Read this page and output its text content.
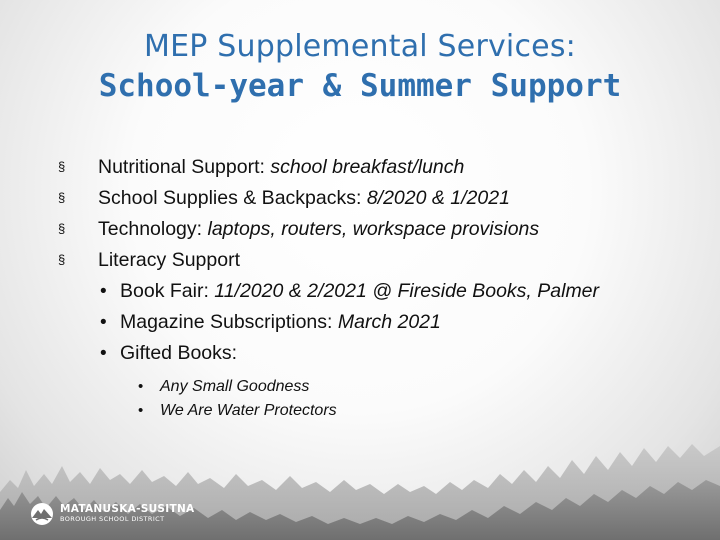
MEP Supplemental Services:
School-year & Summer Support
§ Nutritional Support: school breakfast/lunch
§ School Supplies & Backpacks: 8/2020 & 1/2021
§ Technology: laptops, routers, workspace provisions
§ Literacy Support
• Book Fair: 11/2020 & 2/2021 @ Fireside Books, Palmer
• Magazine Subscriptions: March 2021
• Gifted Books:
•	Any Small Goodness
•	We Are Water Protectors
MATANUSKA-SUSITNA
BOROUGH SCHOOL DISTRICT
